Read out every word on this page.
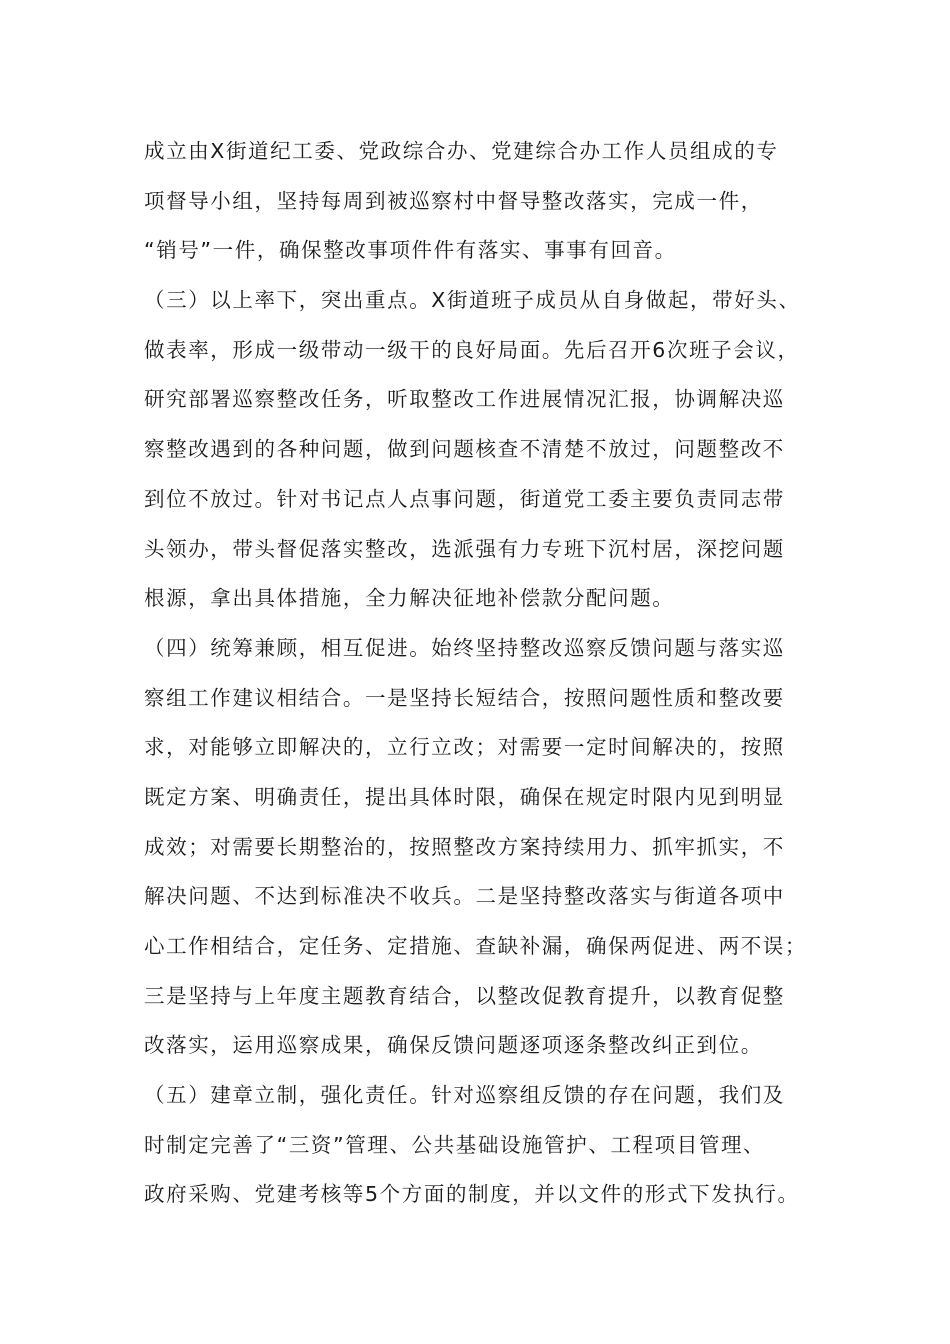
成立由X街道纪工委、党政综合办、党建综合办工作人员组成的专
项督导小组，坚持每周到被巡察村中督导整改落实，完成一件，
“销号”一件，确保整改事项件件有落实、事事有回音。
（三）以上率下，突出重点。X街道班子成员从自身做起，带好头、
做表率，形成一级带动一级干的良好局面。先后召开6次班子会议，
研究部署巡察整改任务，听取整改工作进展情况汇报，协调解决巡
察整改遇到的各种问题，做到问题核查不清楚不放过，问题整改不
到位不放过。针对书记点人点事问题，街道党工委主要负责同志带
头领办，带头督促落实整改，选派强有力专班下沉村居，深挖问题
根源，拿出具体措施，全力解决征地补偿款分配问题。
（四）统筹兼顾，相互促进。始终坚持整改巡察反馈问题与落实巡
察组工作建议相结合。一是坚持长短结合，按照问题性质和整改要
求，对能够立即解决的，立行立改；对需要一定时间解决的，按照
既定方案、明确责任，提出具体时限，确保在规定时限内见到明显
成效；对需要长期整治的，按照整改方案持续用力、抓牢抓实，不
解决问题、不达到标准决不收兵。二是坚持整改落实与街道各项中
心工作相结合，定任务、定措施、查缺补漏，确保两促进、两不误；
三是坚持与上年度主题教育结合，以整改促教育提升，以教育促整
改落实，运用巡察成果，确保反馈问题逐项逐条整改纠正到位。
（五）建章立制，强化责任。针对巡察组反馈的存在问题，我们及
时制定完善了“三资”管理、公共基础设施管护、工程项目管理、
政府采购、党建考核等5个方面的制度，并以文件的形式下发执行。
